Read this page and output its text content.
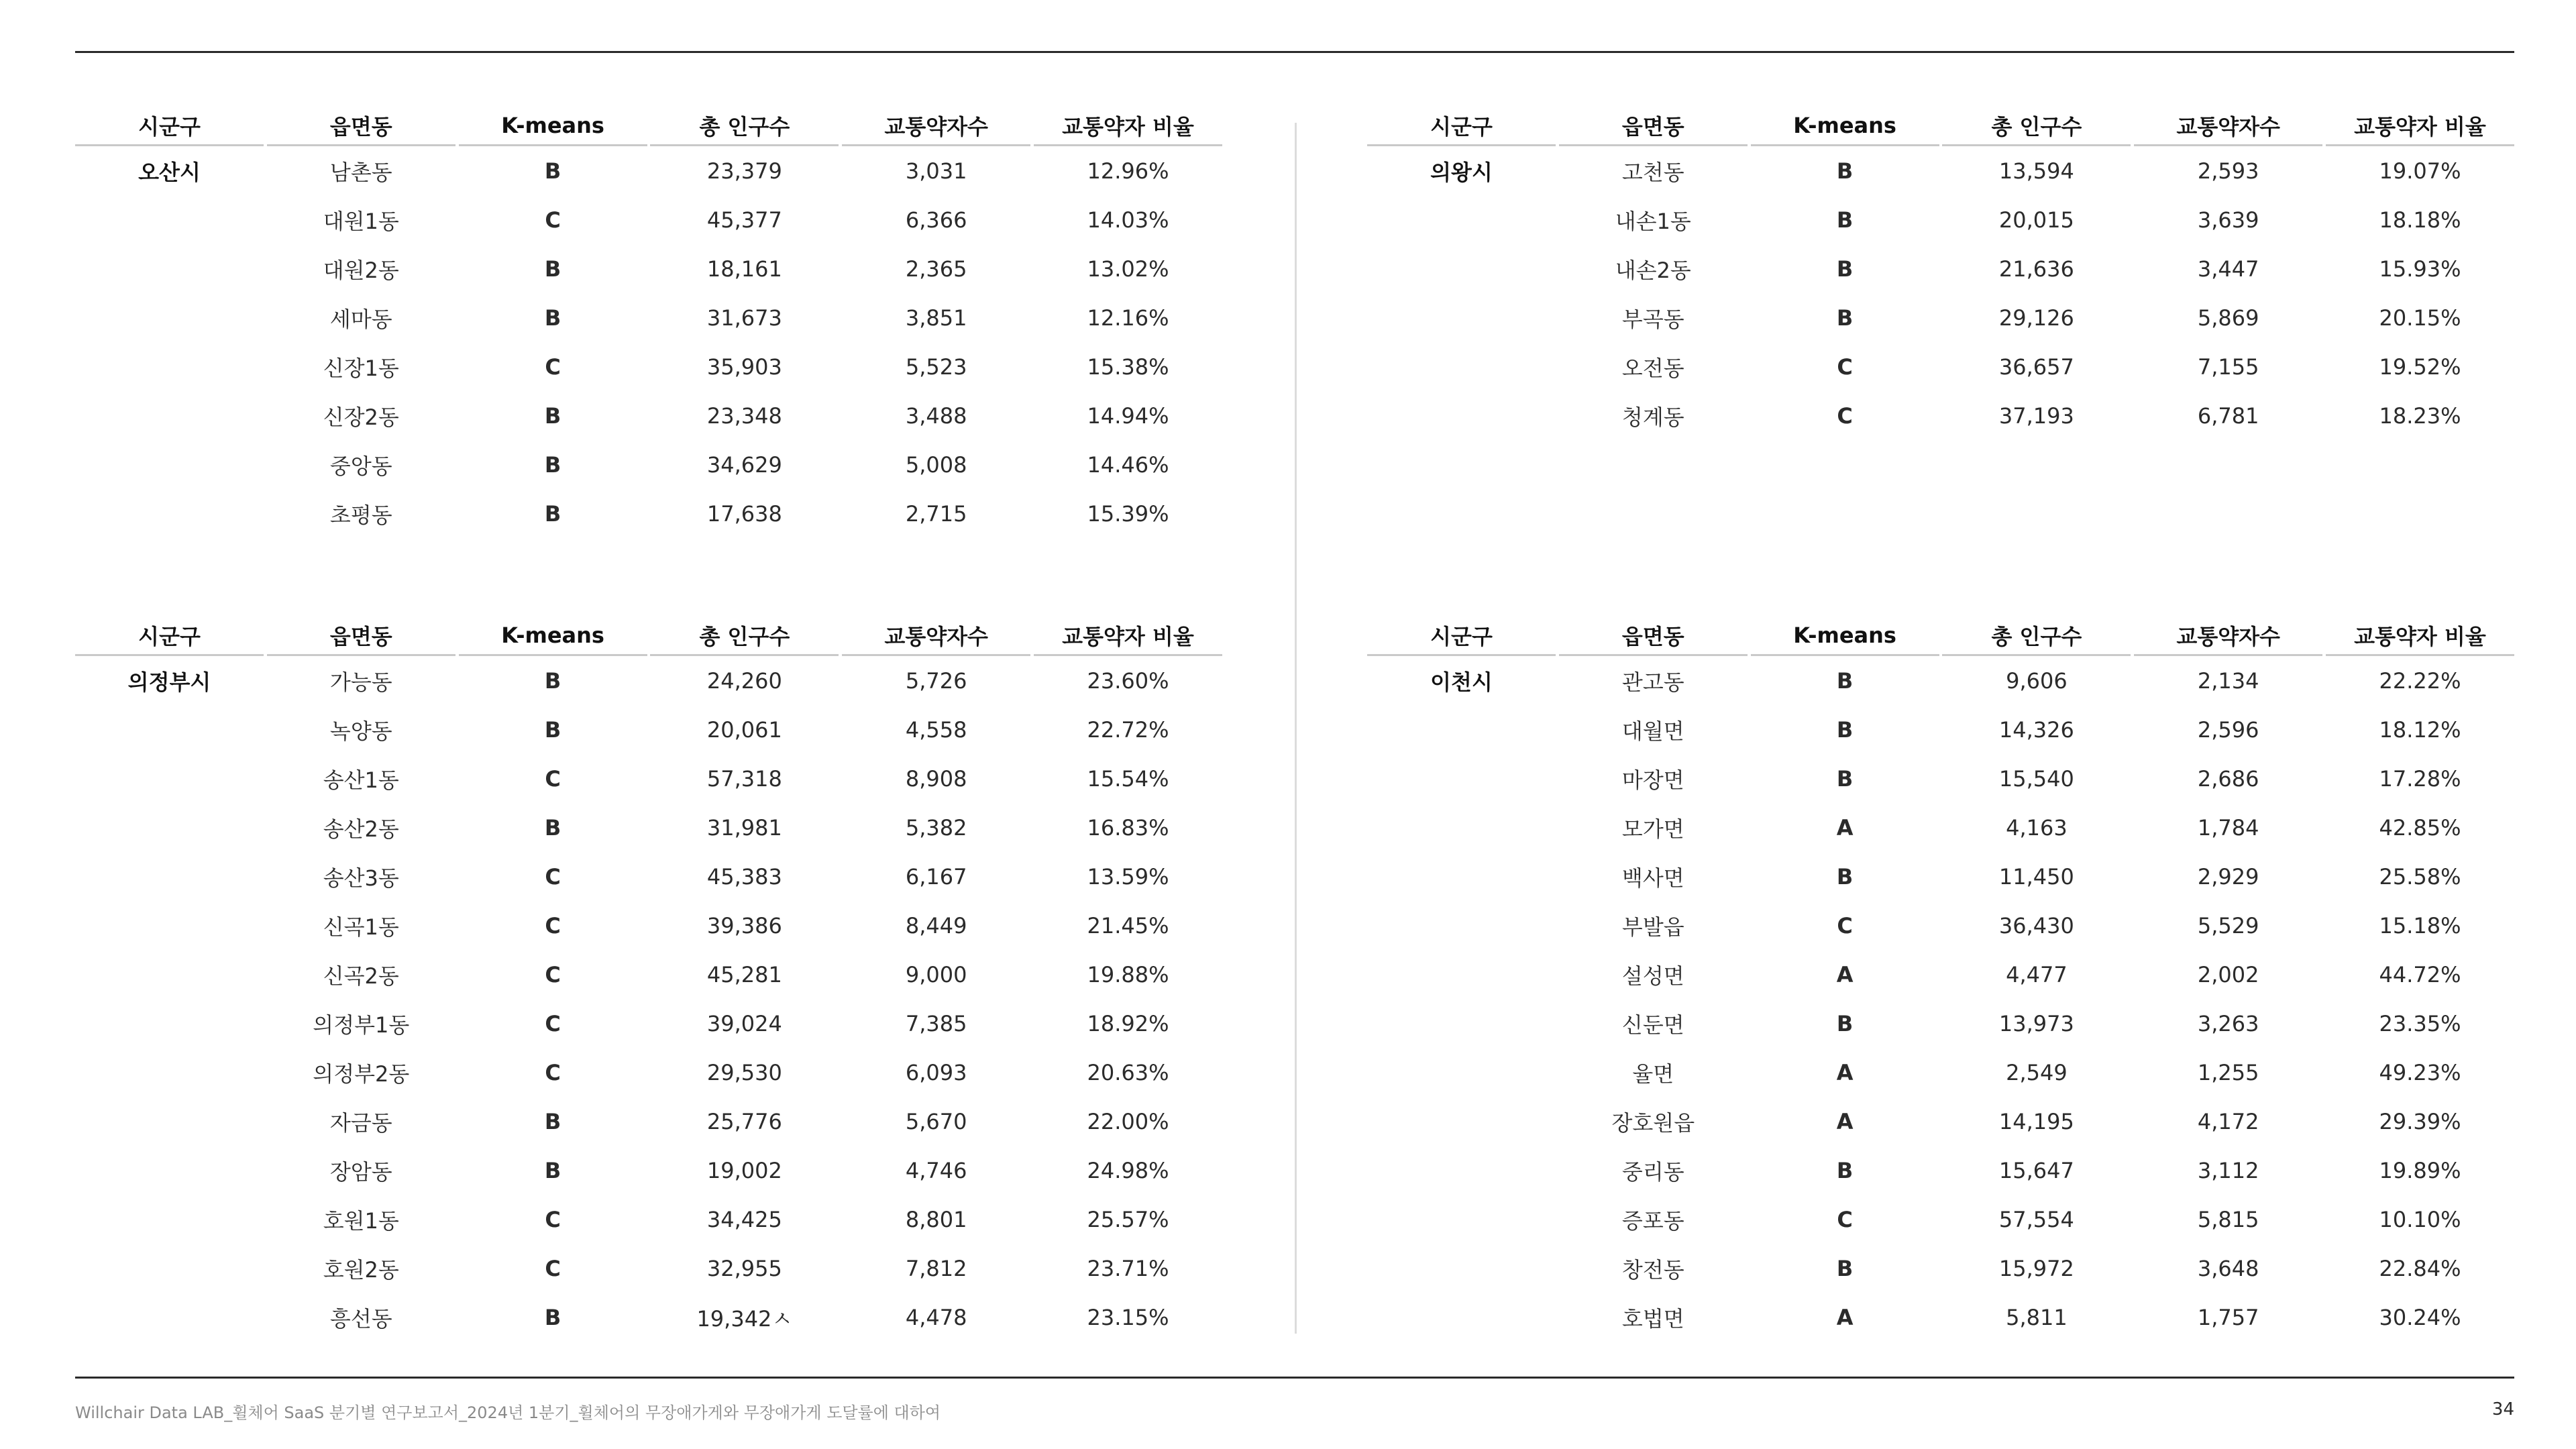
시군구	읍면동	K-means	총 인구수	교통약자수	교통약자 비율
오산시	남촌동	B	23,379	3,031	12.96%
대원1동	C	45,377	6,366	14.03%
대원2동	B	18,161	2,365	13.02%
세마동	B	31,673	3,851	12.16%
신장1동	C	35,903	5,523	15.38%
신장2동	B	23,348	3,488	14.94%
중앙동	B	34,629	5,008	14.46%
초평동	B	17,638	2,715	15.39%
시군구	읍면동	K-means	총 인구수	교통약자수	교통약자 비율
의왕시	고천동	B	13,594	2,593	19.07%
내손1동	B	20,015	3,639	18.18%
내손2동	B	21,636	3,447	15.93%
부곡동	B	29,126	5,869	20.15%
오전동	C	36,657	7,155	19.52%
청계동	C	37,193	6,781	18.23%
시군구	읍면동	K-means	총 인구수	교통약자수	교통약자 비율
의정부시	가능동	B	24,260	5,726	23.60%
녹양동	B	20,061	4,558	22.72%
송산1동	C	57,318	8,908	15.54%
송산2동	B	31,981	5,382	16.83%
송산3동	C	45,383	6,167	13.59%
신곡1동	C	39,386	8,449	21.45%
신곡2동	C	45,281	9,000	19.88%
의정부1동	C	39,024	7,385	18.92%
의정부2동	C	29,530	6,093	20.63%
자금동	B	25,776	5,670	22.00%
장암동	B	19,002	4,746	24.98%
호원1동	C	34,425	8,801	25.57%
호원2동	C	32,955	7,812	23.71%
흥선동	B	19,342ㅅ	4,478	23.15%
시군구	읍면동	K-means	총 인구수	교통약자수	교통약자 비율
이천시	관고동	B	9,606	2,134	22.22%
대월면	B	14,326	2,596	18.12%
마장면	B	15,540	2,686	17.28%
모가면	A	4,163	1,784	42.85%
백사면	B	11,450	2,929	25.58%
부발읍	C	36,430	5,529	15.18%
설성면	A	4,477	2,002	44.72%
신둔면	B	13,973	3,263	23.35%
율면	A	2,549	1,255	49.23%
장호원읍	A	14,195	4,172	29.39%
중리동	B	15,647	3,112	19.89%
증포동	C	57,554	5,815	10.10%
창전동	B	15,972	3,648	22.84%
호법면	A	5,811	1,757	30.24%
Willchair Data LAB_휠체어 SaaS 분기별 연구보고서_2024년 1분기_휠체어의 무장애가게와 무장애가게 도달률에 대하여	34
